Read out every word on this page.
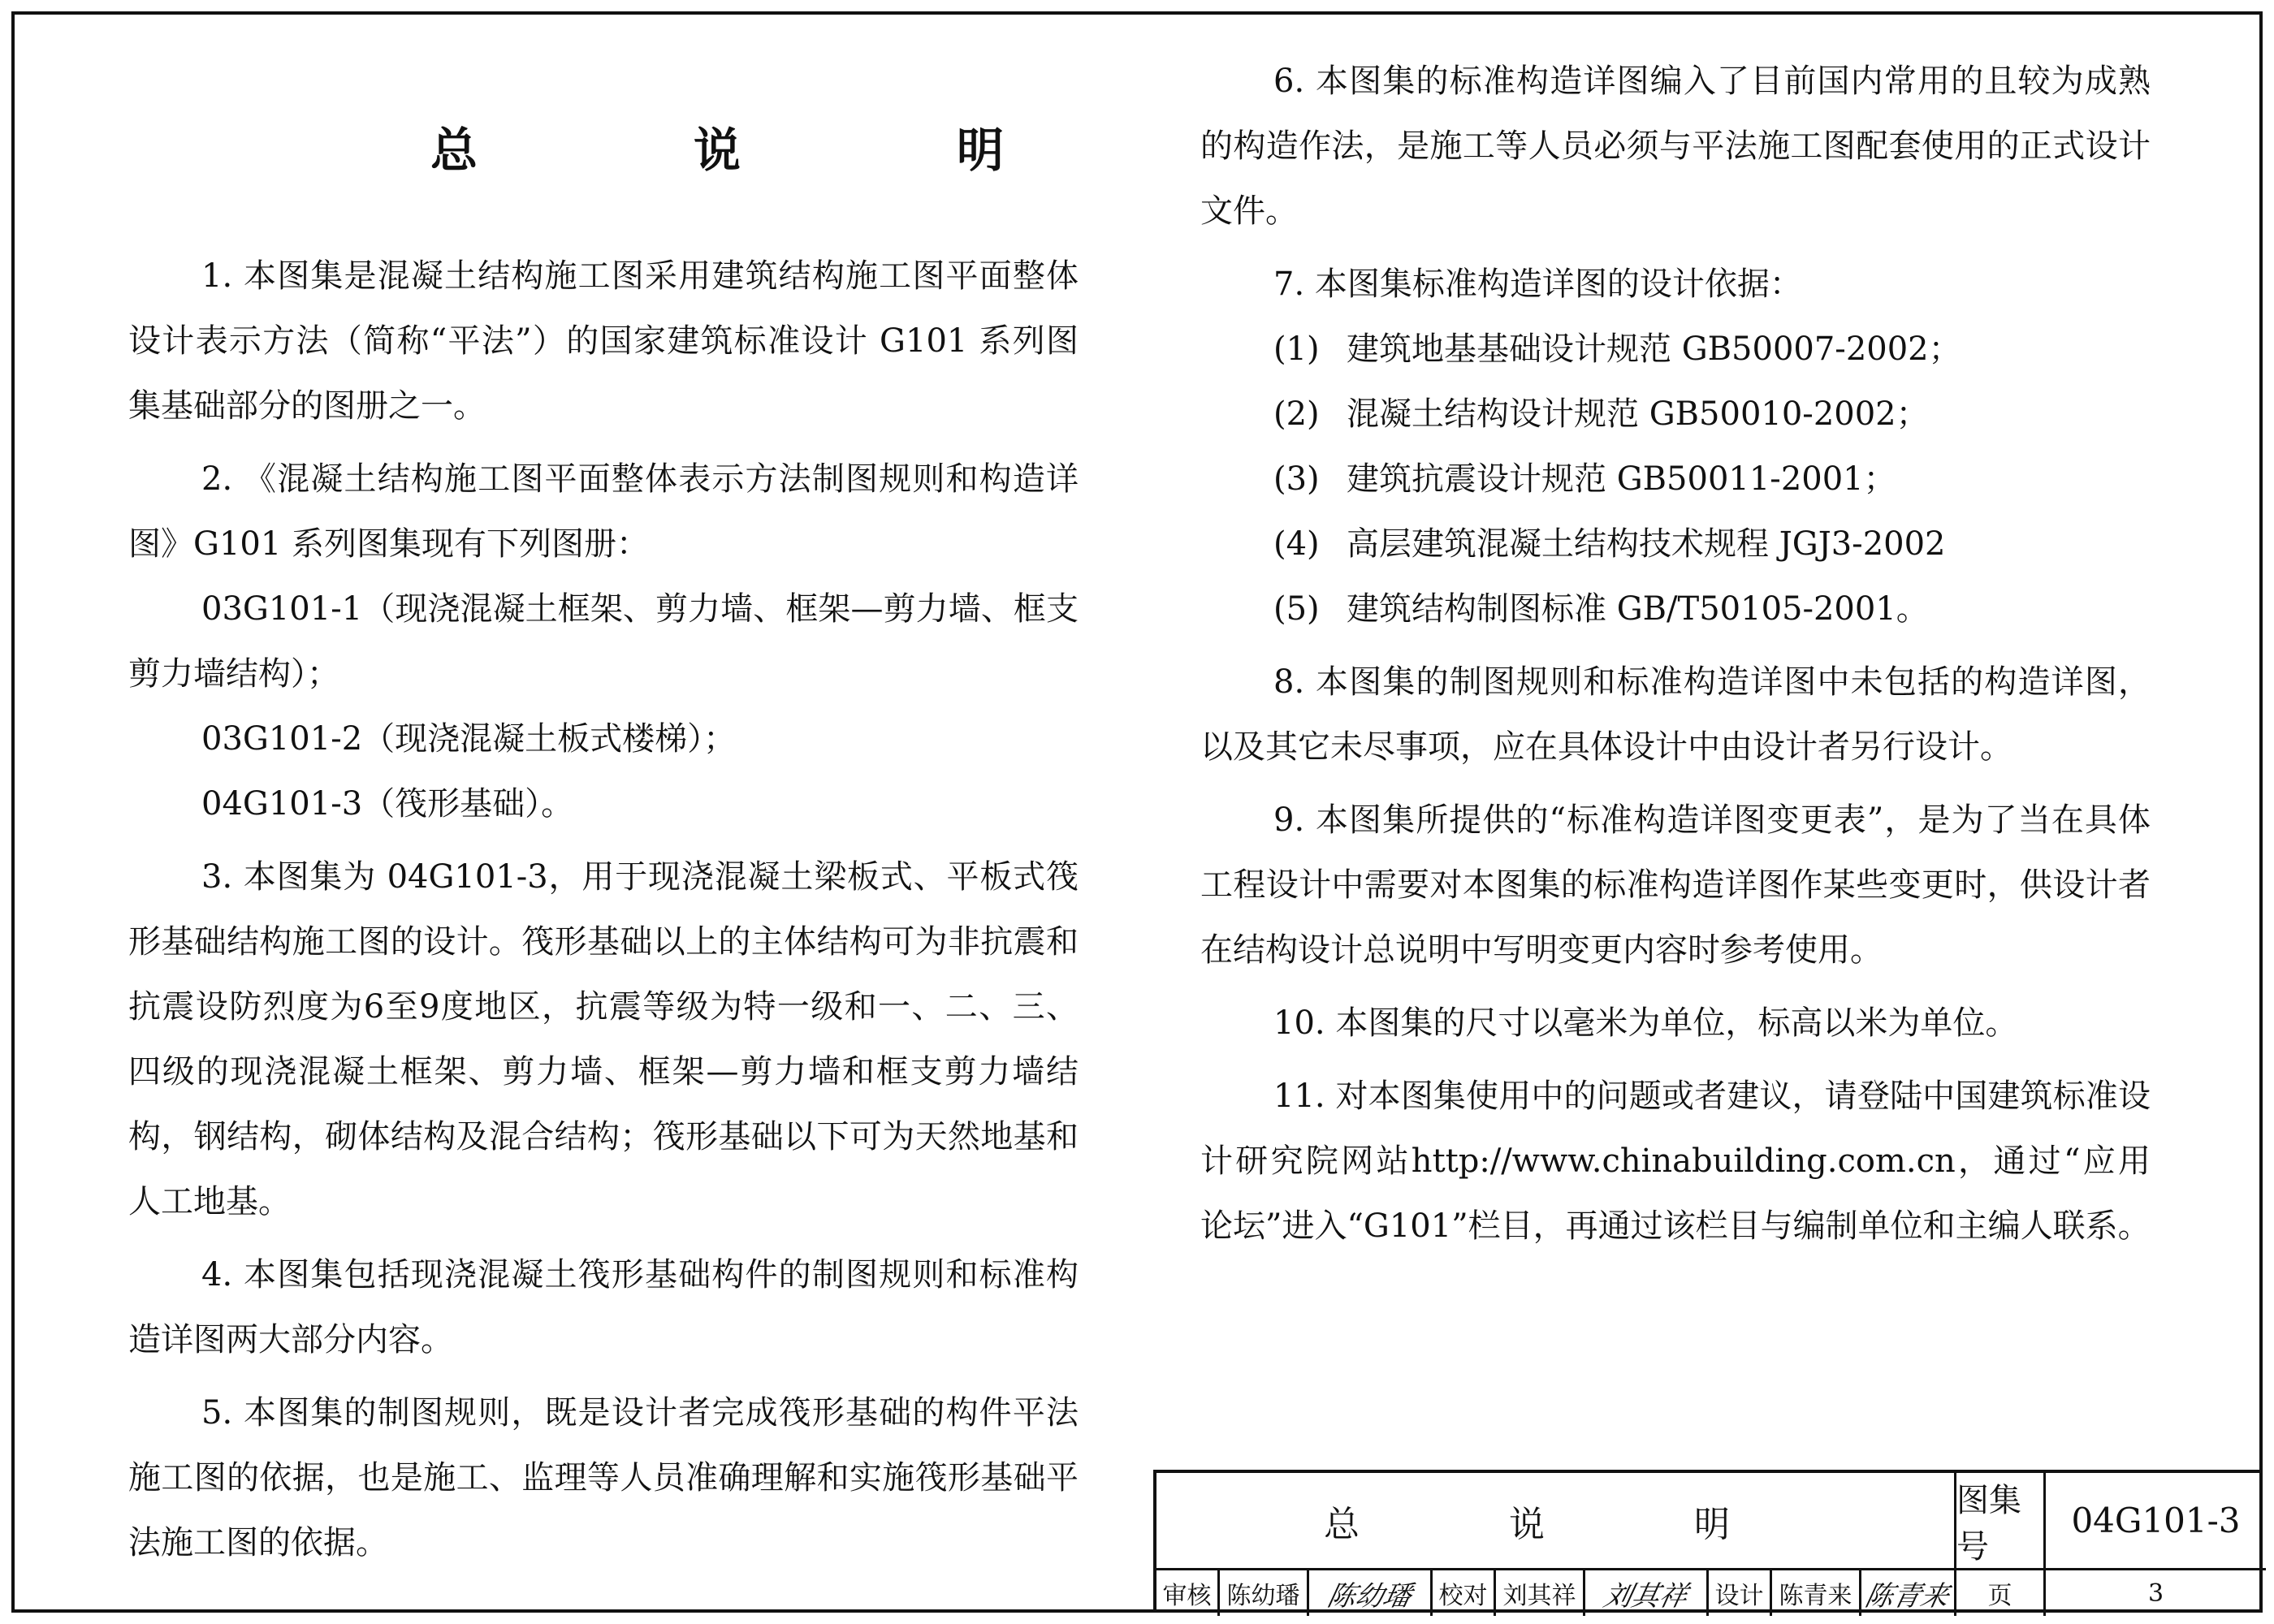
总　说　明

1. 本图集是混凝土结构施工图采用建筑结构施工图平面整体设计表示方法（简称“平法”）的国家建筑标准设计 G101 系列图集基础部分的图册之一。

2. 《混凝土结构施工图平面整体表示方法制图规则和构造详图》G101 系列图集现有下列图册：

03G101-1（现浇混凝土框架、剪力墙、框架—剪力墙、框支剪力墙结构）；

03G101-2（现浇混凝土板式楼梯）；

04G101-3（筏形基础）。

3. 本图集为 04G101-3，用于现浇混凝土梁板式、平板式筏形基础结构施工图的设计。筏形基础以上的主体结构可为非抗震和抗震设防烈度为6至9度地区，抗震等级为特一级和一、二、三、四级的现浇混凝土框架、剪力墙、框架—剪力墙和框支剪力墙结构，钢结构，砌体结构及混合结构；筏形基础以下可为天然地基和人工地基。

4. 本图集包括现浇混凝土筏形基础构件的制图规则和标准构造详图两大部分内容。

5. 本图集的制图规则，既是设计者完成筏形基础的构件平法施工图的依据，也是施工、监理等人员准确理解和实施筏形基础平法施工图的依据。

6. 本图集的标准构造详图编入了目前国内常用的且较为成熟的构造作法，是施工等人员必须与平法施工图配套使用的正式设计文件。

7. 本图集标准构造详图的设计依据：

(1) 建筑地基基础设计规范 GB50007-2002；

(2) 混凝土结构设计规范 GB50010-2002；

(3) 建筑抗震设计规范 GB50011-2001；

(4) 高层建筑混凝土结构技术规程 JGJ3-2002

(5) 建筑结构制图标准 GB/T50105-2001。

8. 本图集的制图规则和标准构造详图中未包括的构造详图，以及其它未尽事项，应在具体设计中由设计者另行设计。

9. 本图集所提供的“标准构造详图变更表”，是为了当在具体工程设计中需要对本图集的标准构造详图作某些变更时，供设计者在结构设计总说明中写明变更内容时参考使用。

10. 本图集的尺寸以毫米为单位，标高以米为单位。

11. 对本图集使用中的问题或者建议，请登陆中国建筑标准设计研究院网站http://www.chinabuilding.com.cn，通过“应用论坛”进入“G101”栏目，再通过该栏目与编制单位和主编人联系。

总　说　明
图集号
04G101-3
审核 陈幼璠 陈幼璠 校对 刘其祥 刘其祥 设计 陈青来 陈青来	页	3
